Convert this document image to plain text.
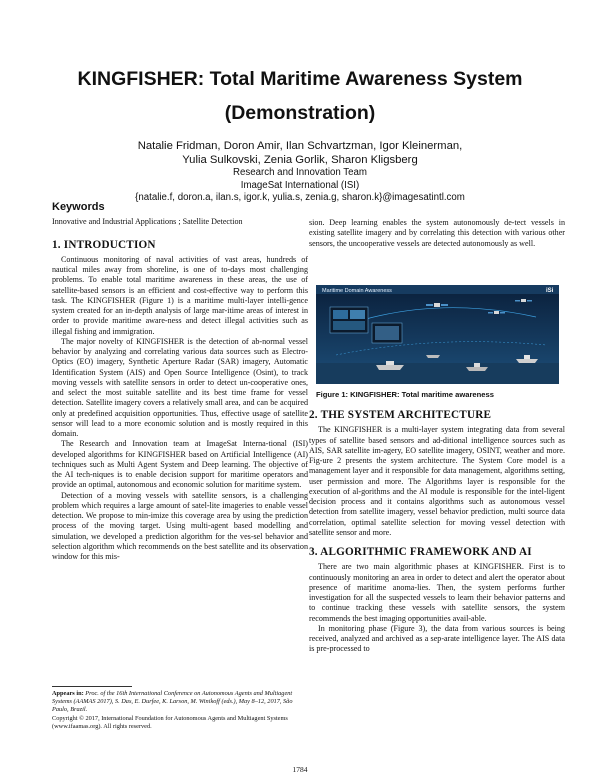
KINGFISHER: Total Maritime Awareness System
(Demonstration)
Natalie Fridman, Doron Amir, Ilan Schvartzman, Igor Kleinerman,
Yulia Sulkovski, Zenia Gorlik, Sharon Kligsberg
Research and Innovation Team
ImageSat International (ISI)
{natalie.f, doron.a, ilan.s, igor.k, yulia.s, zenia.g, sharon.k}@imagesatintl.com
Keywords

Innovative and Industrial Applications ; Satellite Detection

1. INTRODUCTION

Continuous monitoring of naval activities of vast areas, hundreds of nautical miles away from shoreline, is one of to-days most challenging problems. To enable total maritime awareness in these areas, the use of satellite-based sensors is an efficient and cost-effective way to perform this task. The KINGFISHER (Figure 1) is a maritime multi-layer intelli-gence system created for an in-depth analysis of large mar-itime areas of interest in order to provide maritime aware-ness and detect illegal activities such as illegal fishing and immigration.

The major novelty of KINGFISHER is the detection of ab-normal vessel behavior by analyzing and correlating various data sources such as Electro-Optics (EO) imagery, Synthetic Aperture Radar (SAR) imagery, Automatic Identification System (AIS) and Open Source Intelligence (Osint), to track moving vessels with satellite sensors in order to detect un-cooperative ones, and select the most suitable satellite and its best time frame for vessel detection. Satellite imagery covers a relatively small area, and can be acquired only at predefined acquisition opportunities. Thus, effective usage of satellite sensor will lead to a more economic solution and is mostly required in this domain.

The Research and Innovation team at ImageSat Interna-tional (ISI) developed algorithms for KINGFISHER based on Artificial Intelligence (AI) techniques such as Multi Agent System and Deep learning. The objective of the AI tech-niques is to enable decision support for maritime operators and provide an optimal, autonomous and economic solution for maritime system.

Detection of a moving vessels with satellite sensors, is a challenging problem which requires a large amount of satel-lite imageries to enable vessel detection. We propose to min-imize this coverage area by using the prediction process of the moving target. Using multi-agent based modelling and simulation, we developed a prediction algorithm for the ves-sel behavior and selection algorithm which recommends on the best satellite and its observation window for this mis-

Appears in: Proc. of the 16th International Conference on Autonomous Agents and Multiagent Systems (AAMAS 2017), S. Das, E. Durfee, K. Larson, M. Winikoff (eds.), May 8–12, 2017, São Paulo, Brazil.
Copyright © 2017, International Foundation for Autonomous Agents and Multiagent Systems (www.ifaamas.org). All rights reserved.

sion. Deep learning enables the system autonomously de-tect vessels in existing satellite imagery and by correlating this detection with various other sensors, the uncooperative vessels are detected autonomously as well.

Maritime Domain Awareness	iSi
Figure 1: KINGFISHER: Total maritime awareness
2. THE SYSTEM ARCHITECTURE

The KINGFISHER is a multi-layer system integrating data from several types of satellite based sensors and ad-ditional intelligence sources such as AIS, SAR satellite im-agery, EO satellite imagery, OSINT, weather and more. Fig-ure 2 presents the system architecture. The System Core model is a management layer and it responsible for data management, algorithms setting, user permission and more. The Algorithms layer is responsible for the execution of al-gorithms and the AI module is responsible for the intel-ligent decision process and it contains algorithms such as autonomous vessel detection from satellite imagery, vessel behavior prediction, multi source data correlation, optimal satellite selection for moving vessel detection with satellite sensor and more.

3. ALGORITHMIC FRAMEWORK AND AI

There are two main algorithmic phases at KINGFISHER. First is to continuously monitoring an area in order to detect and alert the operator about presence of maritime anoma-lies. Then, the system performs further investigation for all the suspected vessels to learn their behavior patterns and to continue tracking these vessels with satellite sensors, the system recommends the best imaging opportunities avail-able.

In monitoring phase (Figure 3), the data from various sources is being received, analyzed and archived as a sep-arate intelligence layer. The AIS data is pre-processed to

1784
